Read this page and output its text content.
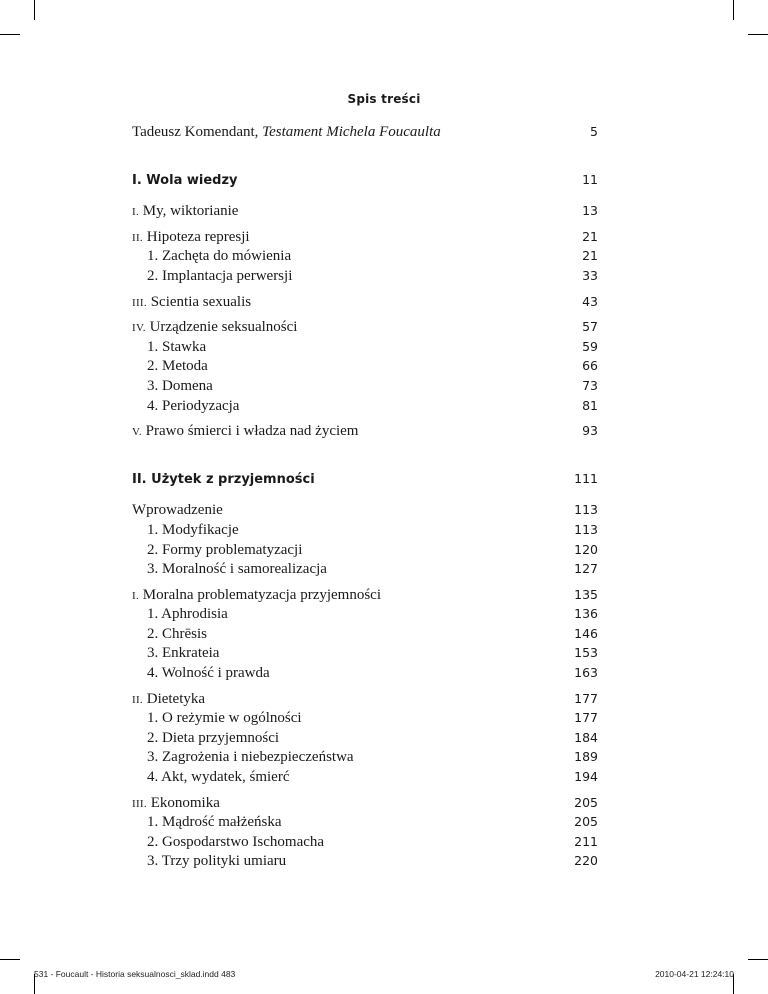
Spis treści
Tadeusz Komendant, Testament Michela Foucaulta	5
I. Wola wiedzy	11
I. My, wiktorianie	13
II. Hipoteza represji	21
1. Zachęta do mówienia	21
2. Implantacja perwersji	33
III. Scientia sexualis	43
IV. Urządzenie seksualności	57
1. Stawka	59
2. Metoda	66
3. Domena	73
4. Periodyzacja	81
V. Prawo śmierci i władza nad życiem	93
II. Użytek z przyjemności	111
Wprowadzenie	113
1. Modyfikacje	113
2. Formy problematyzacji	120
3. Moralność i samorealizacja	127
I. Moralna problematyzacja przyjemności	135
1. Aphrodisia	136
2. Chrēsis	146
3. Enkrateia	153
4. Wolność i prawda	163
II. Dietetyka	177
1. O reżymie w ogólności	177
2. Dieta przyjemności	184
3. Zagrożenia i niebezpieczeństwa	189
4. Akt, wydatek, śmierć	194
III. Ekonomika	205
1. Mądrość małżeńska	205
2. Gospodarstwo Ischomacha	211
3. Trzy polityki umiaru	220
531 - Foucault - Historia seksualnosci_sklad.indd 483	2010-04-21 12:24:10
